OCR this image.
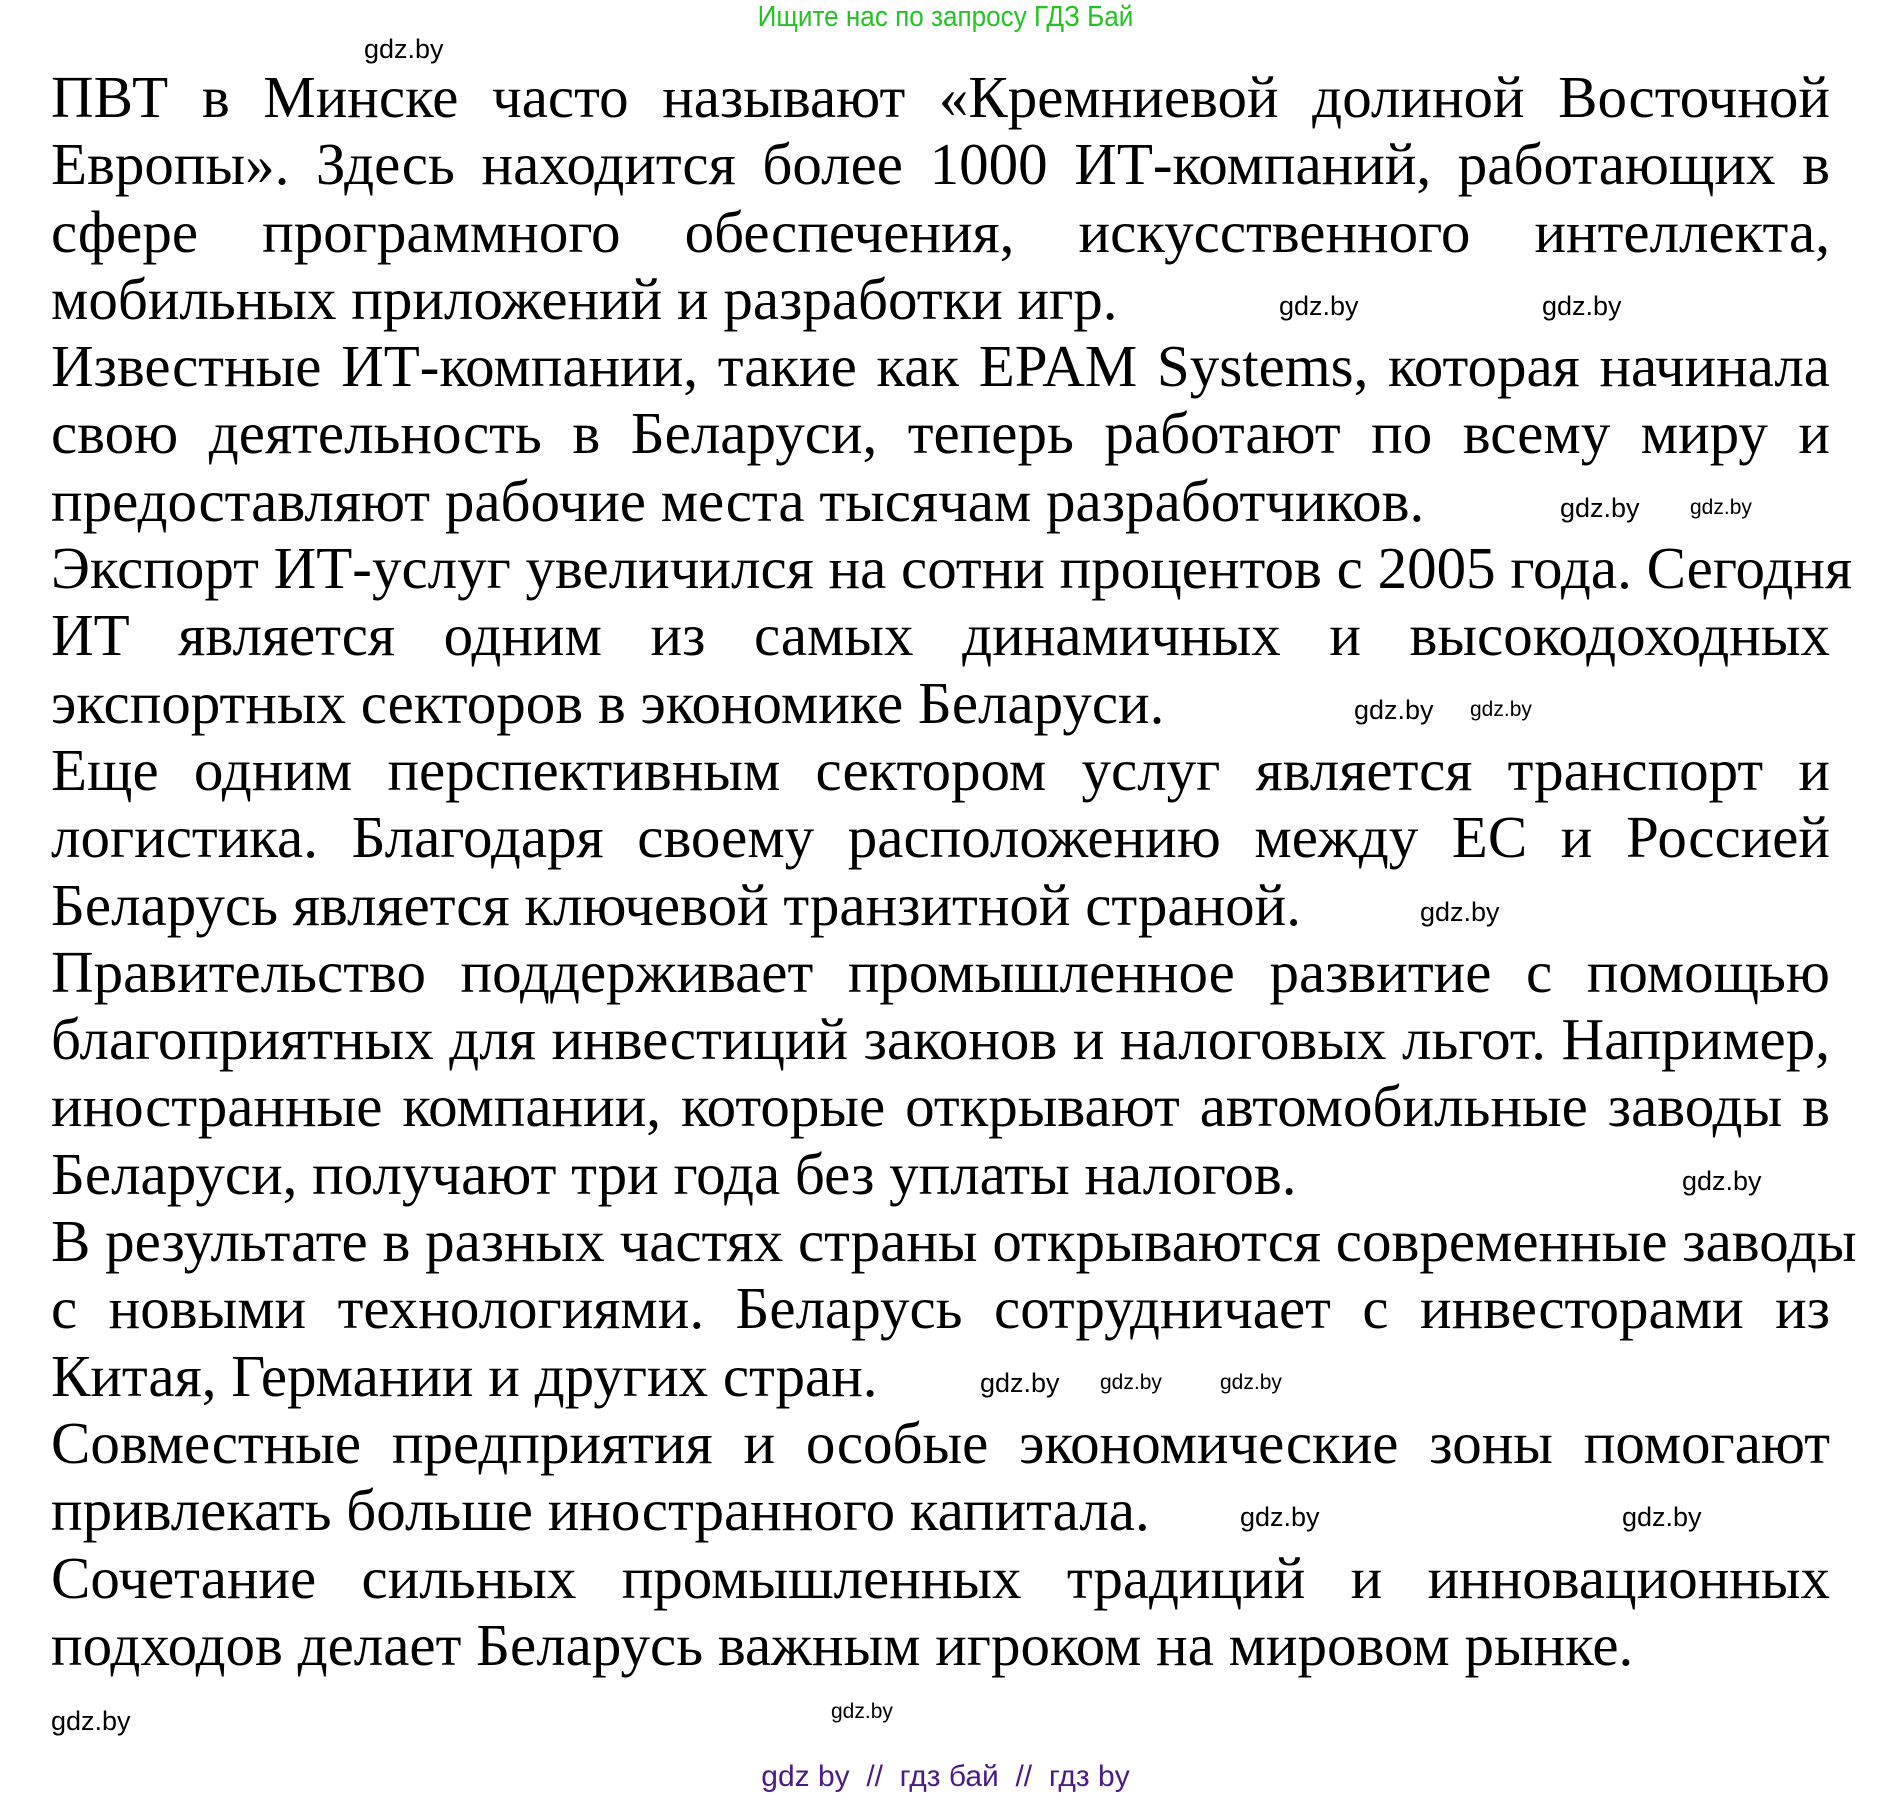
Ищите нас по запросу ГДЗ Бай
ПВТ в Минске часто называют «Кремниевой долиной Восточной
Европы». Здесь находится более 1000 ИТ-компаний, работающих в
сфере программного обеспечения, искусственного интеллекта,
мобильных приложений и разработки игр.
Известные ИТ-компании, такие как EPAM Systems, которая начинала
свою деятельность в Беларуси, теперь работают по всему миру и
предоставляют рабочие места тысячам разработчиков.
Экспорт ИТ-услуг увеличился на сотни процентов с 2005 года. Сегодня
ИТ является одним из самых динамичных и высокодоходных
экспортных секторов в экономике Беларуси.
Еще одним перспективным сектором услуг является транспорт и
логистика. Благодаря своему расположению между ЕС и Россией
Беларусь является ключевой транзитной страной.
Правительство поддерживает промышленное развитие с помощью
благоприятных для инвестиций законов и налоговых льгот. Например,
иностранные компании, которые открывают автомобильные заводы в
Беларуси, получают три года без уплаты налогов.
В результате в разных частях страны открываются современные заводы
с новыми технологиями. Беларусь сотрудничает с инвесторами из
Китая, Германии и других стран.
Совместные предприятия и особые экономические зоны помогают
привлекать больше иностранного капитала.
Сочетание сильных промышленных традиций и инновационных
подходов делает Беларусь важным игроком на мировом рынке.
gdz.by
gdz.by	gdz.by
gdz.by gdz.by
gdz.by gdz.by
gdz.by
gdz.by
gdz.by gdz.by	gdz.by
gdz.by	gdz.by
gdz.by
gdz.by
gdz by  //  гдз бай  //  гдз by
